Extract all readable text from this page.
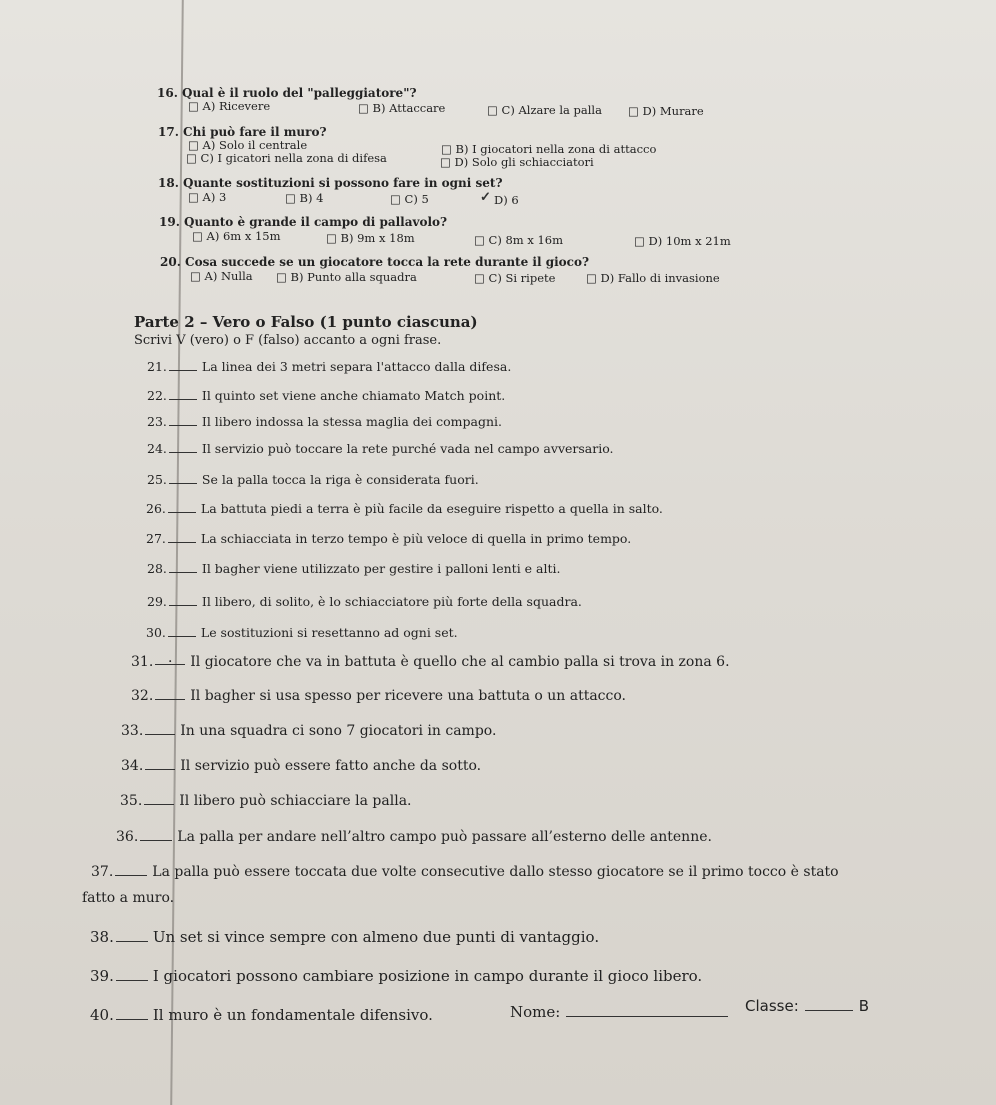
16. Qual è il ruolo del "palleggiatore"?
□ A) Ricevere	□ B) Attaccare	□ C) Alzare la palla □ D) Murare
17. Chi può fare il muro?
□ A) Solo il centrale	□ B) I giocatori nella zona di attacco
□ C) I gicatori nella zona di difesa	□ D) Solo gli schiacciatori
18. Quante sostituzioni si possono fare in ogni set?
□ A) 3	□ B) 4	□ C) 5	✓ D) 6
19. Quanto è grande il campo di pallavolo?
□ A) 6m x 15m	□ B) 9m x 18m	□ C) 8m x 16m	□ D) 10m x 21m
20. Cosa succede se un giocatore tocca la rete durante il gioco?
□ A) Nulla □ B) Punto alla squadra	□ C) Si ripete	□ D) Fallo di invasione
Parte 2 – Vero o Falso (1 punto ciascuna)
Scrivi V (vero) o F (falso) accanto a ogni frase.
21.	La linea dei 3 metri separa l'attacco dalla difesa.
22.	Il quinto set viene anche chiamato Match point.
23.	Il libero indossa la stessa maglia dei compagni.
24.	Il servizio può toccare la rete purché vada nel campo avversario.
25.	Se la palla tocca la riga è considerata fuori.
26.	La battuta piedi a terra è più facile da eseguire rispetto a quella in salto.
27.	La schiacciata in terzo tempo è più veloce di quella in primo tempo.
28.	Il bagher viene utilizzato per gestire i palloni lenti e alti.
29.	Il libero, di solito, è lo schiacciatore più forte della squadra.
30.	Le sostituzioni si resettanno ad ogni set.
31. · Il giocatore che va in battuta è quello che al cambio palla si trova in zona 6.
32.	Il bagher si usa spesso per ricevere una battuta o un attacco.
33.	In una squadra ci sono 7 giocatori in campo.
34.	Il servizio può essere fatto anche da sotto.
35.	Il libero può schiacciare la palla.
36.	La palla per andare nell’altro campo può passare all’esterno delle antenne.
37.	La palla può essere toccata due volte consecutive dallo stesso giocatore se il primo tocco è stato
fatto a muro.
38.	Un set si vince sempre con almeno due punti di vantaggio.
39.	I giocatori possono cambiare posizione in campo durante il gioco libero.
40.	Il muro è un fondamentale difensivo.	Nome:	Classe:	B
